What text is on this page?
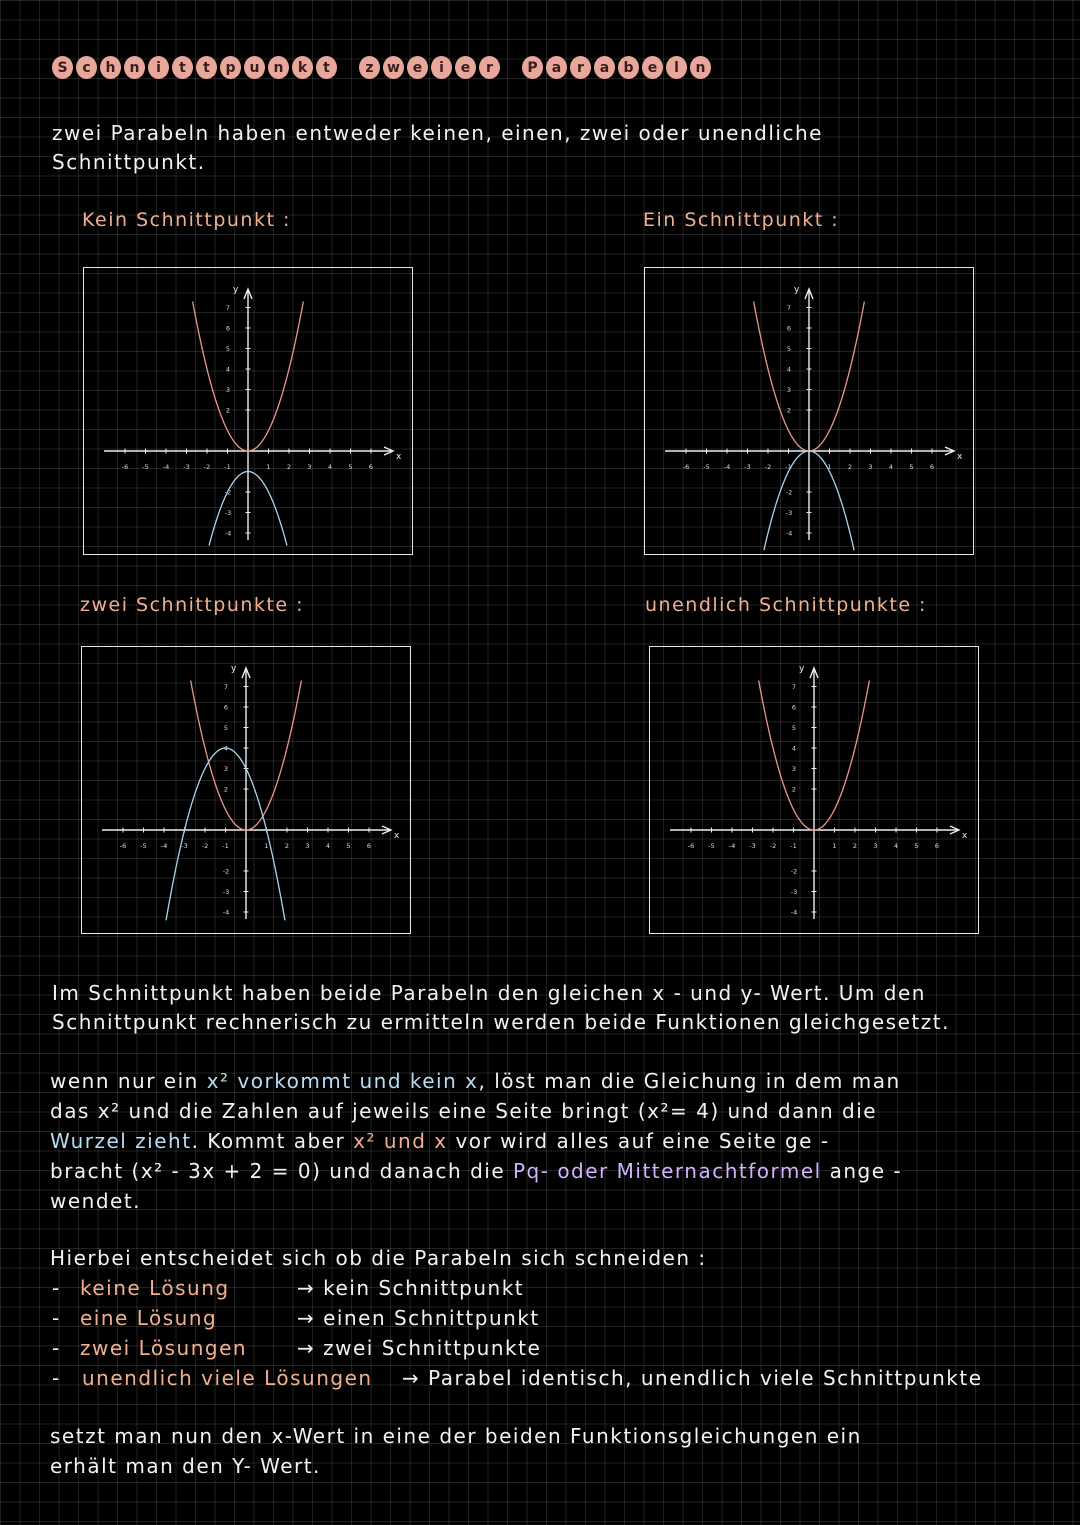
S	c	h	n	i	t	t	p	u	n	k	t	z w e	i	e	r	P	a	r	a	b	e	l	n
zwei Parabeln haben entweder keinen, einen, zwei oder unendliche
Schnittpunkt.
Kein Schnittpunkt :	Ein Schnittpunkt :
zwei Schnittpunkte :	unendlich Schnittpunkte :
x
y
-6 -5 -4 -3 -2 -1	1	2	3	4	5	6
7
6
5
4
3
2
-2
-3
-4
x
y
-6 -5 -4 -3 -2 -1	1	2	3	4	5	6
7
6
5
4
3
2
-2
-3
-4
x
y
-6 -5 -4 -3 -2 -1	1	2	3	4	5	6
7
6
5
4
3
2
-2
-3
-4
x
y
-6 -5 -4 -3 -2 -1	1	2	3	4	5	6
7
6
5
4
3
2
-2
-3
-4
Im Schnittpunkt haben beide Parabeln den gleichen x - und y- Wert. Um den
Schnittpunkt rechnerisch zu ermitteln werden beide Funktionen gleichgesetzt.
wenn nur ein x² vorkommt und kein x, löst man die Gleichung in dem man
das x² und die Zahlen auf jeweils eine Seite bringt (x²= 4) und dann die
Wurzel zieht. Kommt aber x² und x vor wird alles auf eine Seite ge -
bracht (x² - 3x + 2 = 0) und danach die Pq- oder Mitternachtformel ange -
wendet.
Hierbei entscheidet sich ob die Parabeln sich schneiden :
- keine Lösung	→ kein Schnittpunkt
- eine Lösung	→ einen Schnittpunkt
- zwei Lösungen → zwei Schnittpunkte
- unendlich viele Lösungen → Parabel identisch, unendlich viele Schnittpunkte
setzt man nun den x-Wert in eine der beiden Funktionsgleichungen ein
erhält man den Y- Wert.
